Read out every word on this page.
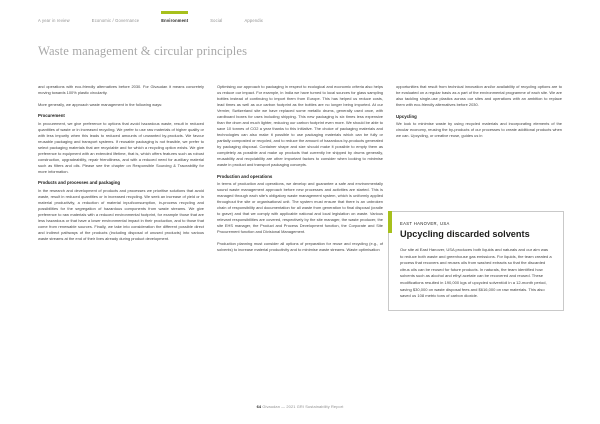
A year in review	Economic / Governance	Environment	Social	Appendix
Waste management & circular principles

and operations with eco-friendly alternatives before 2030. For Givaudan it means concretely moving towards 100% plastic circularity.

More generally, we approach waste management in the following ways:

Procurement

In procurement, we give preference to options that avoid hazardous waste, result in reduced quantities of waste or in increased recycling. We prefer to use raw materials of higher quality or with less impurity when this leads to reduced amounts of unwanted by-products. We favour reusable packaging and transport systems. If reusable packaging is not feasible, we prefer to select packaging materials that are recyclable and for which a recycling option exists. We give preference to equipment with an extended lifetime, that is, which offers features such as robust construction, upgradeability, repair friendliness, and with a reduced need for auxiliary material such as filters and oils. Please see the chapter on Responsible Sourcing & Traceability for more information.

Products and processes and packaging

In the research and development of products and processes we prioritise solutions that avoid waste, result in reduced quantities or in increased recycling. We seek an increase of yield or in material productivity, a reduction of material input/consumption, in-process recycling and possibilities for the segregation of hazardous components from waste streams. We give preference to raw materials with a reduced environmental footprint, for example those that are less hazardous or that have a lower environmental impact in their production, and to those that come from renewable sources. Finally, we take into consideration the different possible direct and indirect pathways of the products (including disposal of unused products) into various waste streams at the end of their lives already during product development.

Optimising our approach to packaging in respect to ecological and economic criteria also helps us reduce our impact. For example, in India we have turned to local sources for glass sampling bottles instead of continuing to import them from Europe. This has helped us reduce costs, lead times as well as our carbon footprint as the bottles are no longer being imported. At our Vernier, Switzerland site we have replaced some metallic drums, generally used once, with cardboard boxes for uses including shipping. This new packaging is six times less expensive than the drum and much lighter, reducing our carbon footprint even more. We should be able to save 10 tonnes of CO2 a year thanks to this initiative. The choice of packaging materials and technologies can also make it possible to use packaging materials which can be fully or partially composted or recycled, and to reduce the amount of hazardous by-products generated by packaging disposal. Container shape and size should make it possible to empty them as completely as possible and make up products that currently be shipped by drums generally, reusability and recyclability are other important factors to consider when looking to minimise waste in product and transport packaging concepts.

Production and operations

In terms of production and operations, we develop and guarantee a safe and environmentally sound waste management approach before new processes and activities are started. This is managed through each site's obligatory waste management system, which is uniformly applied throughout the site or organisational unit. The system must ensure that there is an unbroken chain of responsibility and documentation for all waste from generation to final disposal (cradle to grave) and that we comply with applicable national and local legislation on waste. Various relevant responsibilities are covered, respectively by the site manager, the waste producer, the site EHS manager, the Product and Process Development function, the Corporate and Site Procurement function and Divisional Management.

Production planning must consider all options of preparation for reuse and recycling (e.g., of solvents) to increase material productivity and to minimise waste streams. Waste optimisation

opportunities that result from technical innovation and/or availability of recycling options are to be evaluated on a regular basis as a part of the environmental programme of each site. We are also tackling single-use plastics across our sites and operations with an ambition to replace them with eco-friendly alternatives before 2030.

Upcycling

We look to minimise waste by using recycled materials and incorporating elements of the circular economy, reusing the by-products of our processes to create additional products when we can. Upcycling, or creative reuse, guides us in

EAST HANOVER, USA
Upcycling discarded solvents
Our site at East Hanover, USA produces both liquids and naturals and our aim was to reduce both waste and greenhouse gas emissions. For liquids, the team created a process that recovers and reuses oils from washed extracts so that the discarded citrus oils can be reused for future products. In naturals, the team identified how solvents such as alcohol and ethyl acetate can be recovered and reused. These modifications resulted in 190,000 kgs of upcycled solvent/oil in a 12-month period, saving $30,000 on waste disposal fees and $616,000 on raw materials. This also saved us 108 metric tons of carbon dioxide.
64 Givaudan — 2021 GRI Sustainability Report
